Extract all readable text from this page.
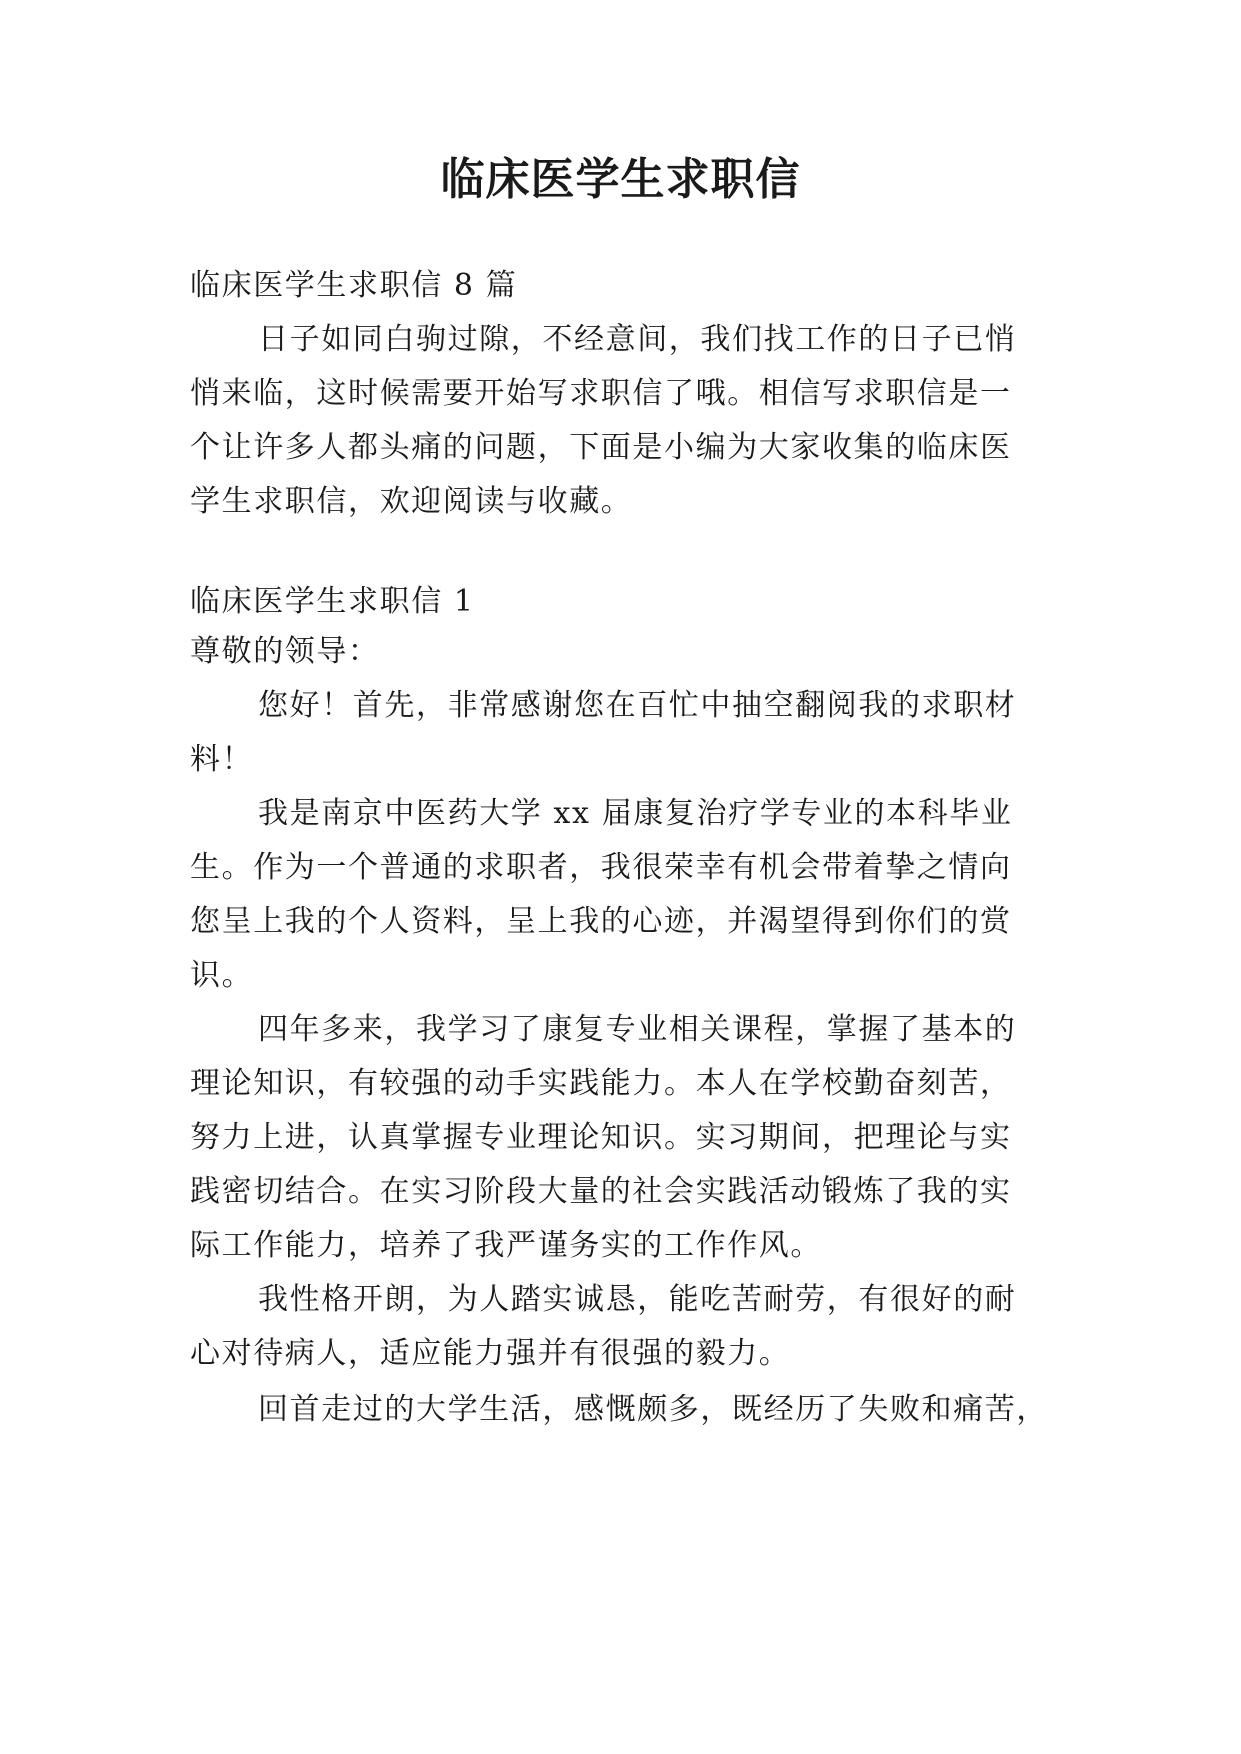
临床医学生求职信
临床医学生求职信 8 篇
日子如同白驹过隙，不经意间，我们找工作的日子已悄
悄来临，这时候需要开始写求职信了哦。相信写求职信是一
个让许多人都头痛的问题，下面是小编为大家收集的临床医
学生求职信，欢迎阅读与收藏。
临床医学生求职信 1
尊敬的领导：
您好！首先，非常感谢您在百忙中抽空翻阅我的求职材
料！
我是南京中医药大学 xx 届康复治疗学专业的本科毕业
生。作为一个普通的求职者，我很荣幸有机会带着挚之情向
您呈上我的个人资料，呈上我的心迹，并渴望得到你们的赏
识。
四年多来，我学习了康复专业相关课程，掌握了基本的
理论知识，有较强的动手实践能力。本人在学校勤奋刻苦，
努力上进，认真掌握专业理论知识。实习期间，把理论与实
践密切结合。在实习阶段大量的社会实践活动锻炼了我的实
际工作能力，培养了我严谨务实的工作作风。
我性格开朗，为人踏实诚恳，能吃苦耐劳，有很好的耐
心对待病人，适应能力强并有很强的毅力。
回首走过的大学生活，感慨颇多，既经历了失败和痛苦，
